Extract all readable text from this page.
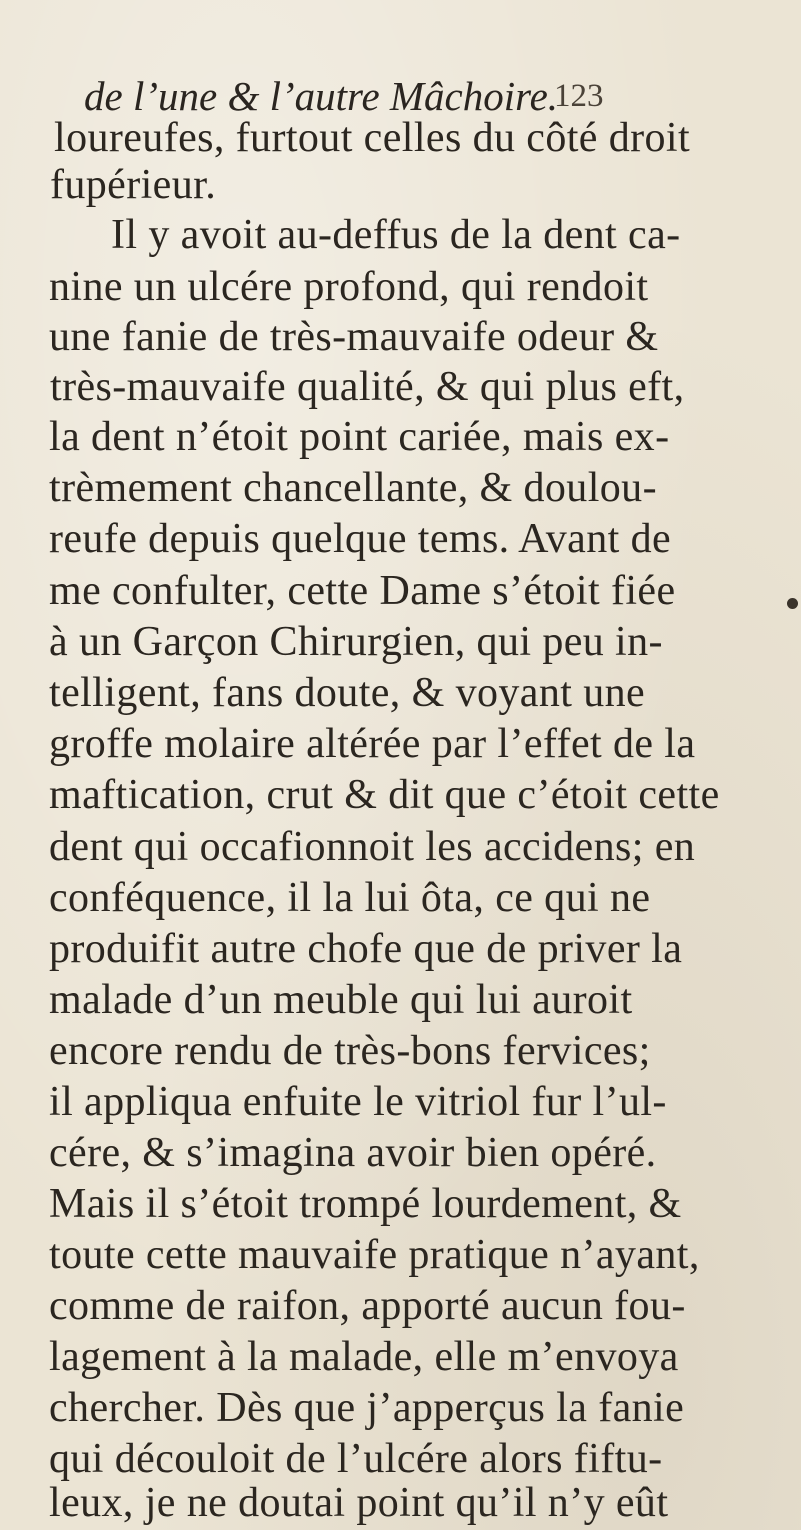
de l’une & l’autre Mâchoire.
123
loureufes, furtout celles du côté droit
fupérieur.
Il y avoit au-deffus de la dent ca-
nine un ulcére profond, qui rendoit
une fanie de très-mauvaife odeur &
très-mauvaife qualité, & qui plus eft,
la dent n’étoit point cariée, mais ex-
trèmement chancellante, & doulou-
reufe depuis quelque tems. Avant de
me confulter, cette Dame s’étoit fiée
à un Garçon Chirurgien, qui peu in-
telligent, fans doute, & voyant une
groffe molaire altérée par l’effet de la
maftication, crut & dit que c’étoit cette
dent qui occafionnoit les accidens; en
conféquence, il la lui ôta, ce qui ne
produifit autre chofe que de priver la
malade d’un meuble qui lui auroit
encore rendu de très-bons fervices;
il appliqua enfuite le vitriol fur l’ul-
cére, & s’imagina avoir bien opéré.
Mais il s’étoit trompé lourdement, &
toute cette mauvaife pratique n’ayant,
comme de raifon, apporté aucun fou-
lagement à la malade, elle m’envoya
chercher. Dès que j’apperçus la fanie
qui découloit de l’ulcére alors fiftu-
leux, je ne doutai point qu’il n’y eût
